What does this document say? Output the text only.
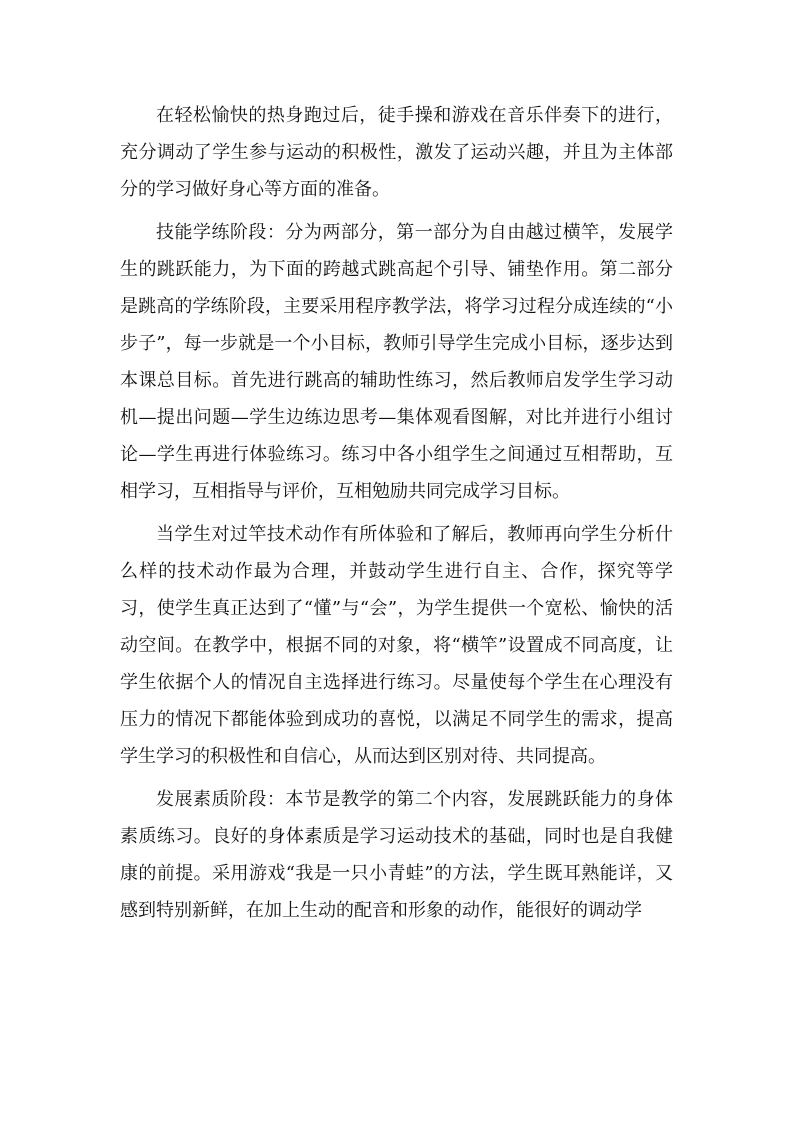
在轻松愉快的热身跑过后，徒手操和游戏在音乐伴奏下的进行，充分调动了学生参与运动的积极性，激发了运动兴趣，并且为主体部分的学习做好身心等方面的准备。

技能学练阶段：分为两部分，第一部分为自由越过横竿，发展学生的跳跃能力，为下面的跨越式跳高起个引导、铺垫作用。第二部分是跳高的学练阶段，主要采用程序教学法，将学习过程分成连续的“小步子”，每一步就是一个小目标，教师引导学生完成小目标，逐步达到本课总目标。首先进行跳高的辅助性练习，然后教师启发学生学习动机—提出问题—学生边练边思考—集体观看图解，对比并进行小组讨论—学生再进行体验练习。练习中各小组学生之间通过互相帮助，互相学习，互相指导与评价，互相勉励共同完成学习目标。

当学生对过竿技术动作有所体验和了解后，教师再向学生分析什么样的技术动作最为合理，并鼓动学生进行自主、合作，探究等学习，使学生真正达到了“懂”与“会”，为学生提供一个宽松、愉快的活动空间。在教学中，根据不同的对象，将“横竿”设置成不同高度，让学生依据个人的情况自主选择进行练习。尽量使每个学生在心理没有压力的情况下都能体验到成功的喜悦，以满足不同学生的需求，提高学生学习的积极性和自信心，从而达到区别对待、共同提高。

发展素质阶段：本节是教学的第二个内容，发展跳跃能力的身体素质练习。良好的身体素质是学习运动技术的基础，同时也是自我健康的前提。采用游戏“我是一只小青蛙”的方法，学生既耳熟能详，又感到特别新鲜，在加上生动的配音和形象的动作，能很好的调动学
